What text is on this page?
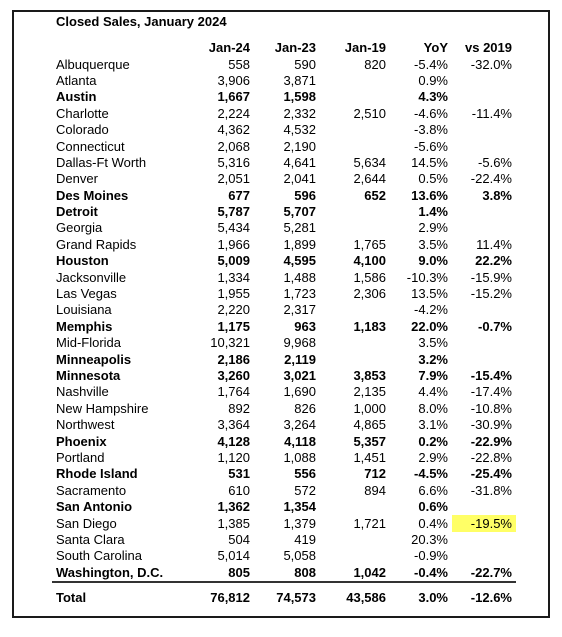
Closed Sales, January 2024
	Jan-24	Jan-23	Jan-19	YoY	vs 2019
Albuquerque	558	590	820	-5.4%	-32.0%
Atlanta	3,906	3,871		0.9%	
Austin	1,667	1,598		4.3%	
Charlotte	2,224	2,332	2,510	-4.6%	-11.4%
Colorado	4,362	4,532		-3.8%	
Connecticut	2,068	2,190		-5.6%	
Dallas-Ft Worth	5,316	4,641	5,634	14.5%	-5.6%
Denver	2,051	2,041	2,644	0.5%	-22.4%
Des Moines	677	596	652	13.6%	3.8%
Detroit	5,787	5,707		1.4%	
Georgia	5,434	5,281		2.9%	
Grand Rapids	1,966	1,899	1,765	3.5%	11.4%
Houston	5,009	4,595	4,100	9.0%	22.2%
Jacksonville	1,334	1,488	1,586	-10.3%	-15.9%
Las Vegas	1,955	1,723	2,306	13.5%	-15.2%
Louisiana	2,220	2,317		-4.2%	
Memphis	1,175	963	1,183	22.0%	-0.7%
Mid-Florida	10,321	9,968		3.5%	
Minneapolis	2,186	2,119		3.2%	
Minnesota	3,260	3,021	3,853	7.9%	-15.4%
Nashville	1,764	1,690	2,135	4.4%	-17.4%
New Hampshire	892	826	1,000	8.0%	-10.8%
Northwest	3,364	3,264	4,865	3.1%	-30.9%
Phoenix	4,128	4,118	5,357	0.2%	-22.9%
Portland	1,120	1,088	1,451	2.9%	-22.8%
Rhode Island	531	556	712	-4.5%	-25.4%
Sacramento	610	572	894	6.6%	-31.8%
San Antonio	1,362	1,354		0.6%	
San Diego	1,385	1,379	1,721	0.4%	-19.5%
Santa Clara	504	419		20.3%	
South Carolina	5,014	5,058		-0.9%	
Washington, D.C.	805	808	1,042	-0.4%	-22.7%
Total	76,812	74,573	43,586	3.0%	-12.6%
